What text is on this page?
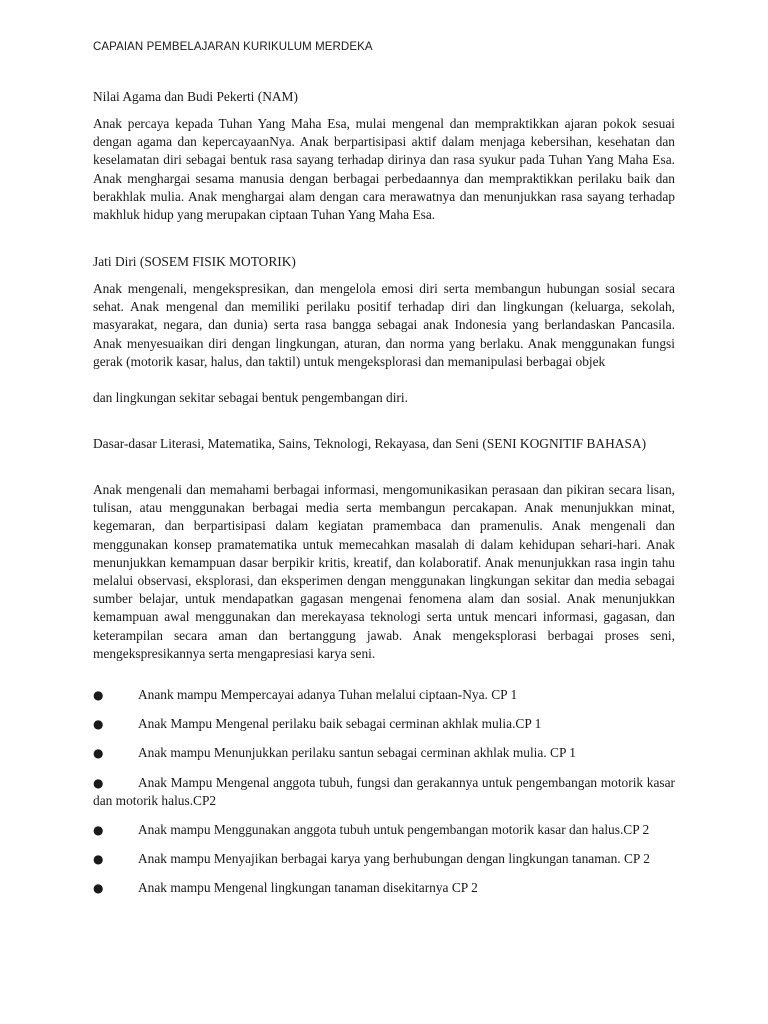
CAPAIAN PEMBELAJARAN KURIKULUM MERDEKA
Nilai Agama dan Budi Pekerti (NAM)

Anak percaya kepada Tuhan Yang Maha Esa, mulai mengenal dan mempraktikkan ajaran pokok sesuai dengan agama dan kepercayaanNya. Anak berpartisipasi aktif dalam menjaga kebersihan, kesehatan dan keselamatan diri sebagai bentuk rasa sayang terhadap dirinya dan rasa syukur pada Tuhan Yang Maha Esa. Anak menghargai sesama manusia dengan berbagai perbedaannya dan mempraktikkan perilaku baik dan berakhlak mulia. Anak menghargai alam dengan cara merawatnya dan menunjukkan rasa sayang terhadap makhluk hidup yang merupakan ciptaan Tuhan Yang Maha Esa.

Jati Diri (SOSEM FISIK MOTORIK)

Anak mengenali, mengekspresikan, dan mengelola emosi diri serta membangun hubungan sosial secara sehat. Anak mengenal dan memiliki perilaku positif terhadap diri dan lingkungan (keluarga, sekolah, masyarakat, negara, dan dunia) serta rasa bangga sebagai anak Indonesia yang berlandaskan Pancasila. Anak menyesuaikan diri dengan lingkungan, aturan, dan norma yang berlaku. Anak menggunakan fungsi gerak (motorik kasar, halus, dan taktil) untuk mengeksplorasi dan memanipulasi berbagai objek

dan lingkungan sekitar sebagai bentuk pengembangan diri.

Dasar-dasar Literasi, Matematika, Sains, Teknologi, Rekayasa, dan Seni (SENI KOGNITIF BAHASA)

Anak mengenali dan memahami berbagai informasi, mengomunikasikan perasaan dan pikiran secara lisan, tulisan, atau menggunakan berbagai media serta membangun percakapan. Anak menunjukkan minat, kegemaran, dan berpartisipasi dalam kegiatan pramembaca dan pramenulis. Anak mengenali dan menggunakan konsep pramatematika untuk memecahkan masalah di dalam kehidupan sehari-hari. Anak menunjukkan kemampuan dasar berpikir kritis, kreatif, dan kolaboratif. Anak menunjukkan rasa ingin tahu melalui observasi, eksplorasi, dan eksperimen dengan menggunakan lingkungan sekitar dan media sebagai sumber belajar, untuk mendapatkan gagasan mengenai fenomena alam dan sosial. Anak menunjukkan kemampuan awal menggunakan dan merekayasa teknologi serta untuk mencari informasi, gagasan, dan keterampilan secara aman dan bertanggung jawab. Anak mengeksplorasi berbagai proses seni, mengekspresikannya serta mengapresiasi karya seni.

●	Anank mampu Mempercayai adanya Tuhan melalui ciptaan-Nya. CP 1
●	Anak Mampu Mengenal perilaku baik sebagai cerminan akhlak mulia.CP 1
●	Anak mampu Menunjukkan perilaku santun sebagai cerminan akhlak mulia. CP 1
●	Anak Mampu Mengenal anggota tubuh, fungsi dan gerakannya untuk pengembangan motorik kasar dan motorik halus.CP2
●	Anak mampu Menggunakan anggota tubuh untuk pengembangan motorik kasar dan halus.CP 2
●	Anak mampu Menyajikan berbagai karya yang berhubungan dengan lingkungan tanaman. CP 2
●	Anak mampu Mengenal lingkungan tanaman disekitarnya CP 2
